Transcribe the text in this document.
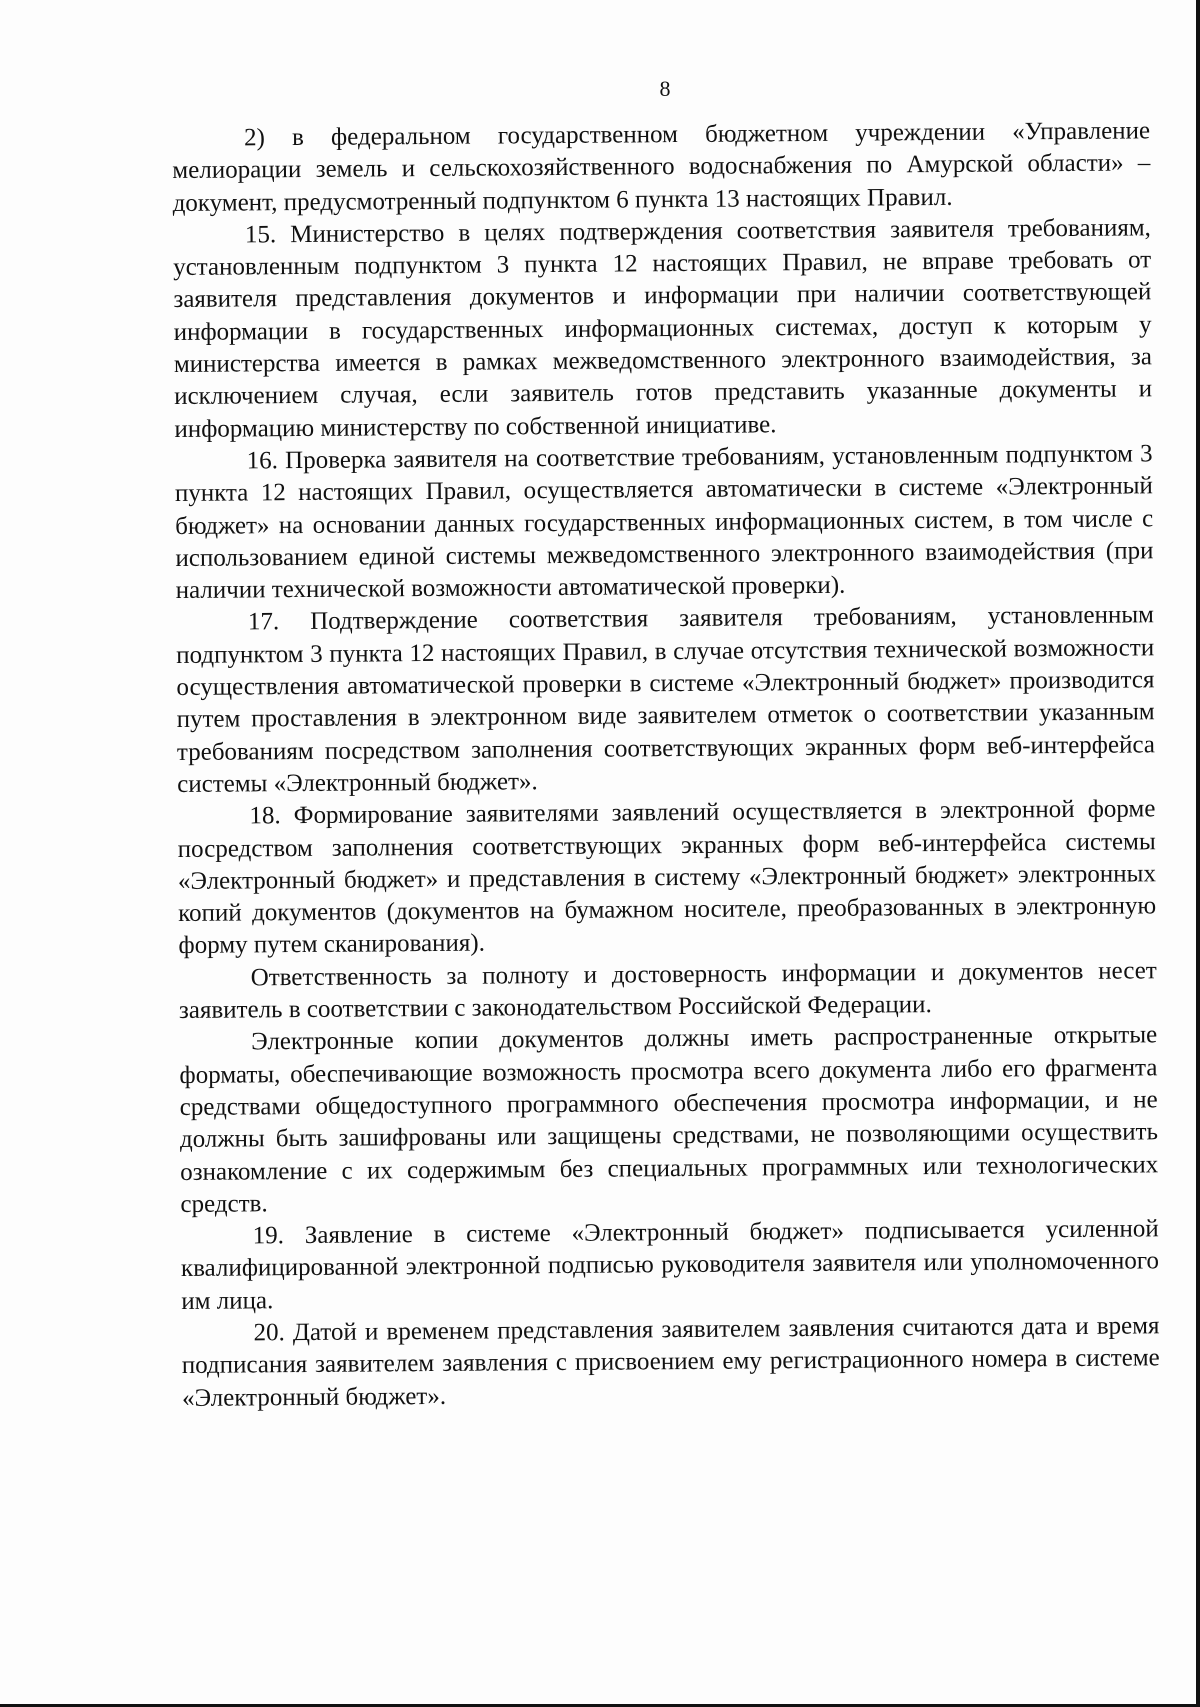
8

2) в федеральном государственном бюджетном учреждении «Управление мелиорации земель и сельскохозяйственного водоснабжения по Амурской области» – документ, предусмотренный подпунктом 6 пункта 13 настоящих Правил.

15. Министерство в целях подтверждения соответствия заявителя требованиям, установленным подпунктом 3 пункта 12 настоящих Правил, не вправе требовать от заявителя представления документов и информации при наличии соответствующей информации в государственных информационных системах, доступ к которым у министерства имеется в рамках межведомственного электронного взаимодействия, за исключением случая, если заявитель готов представить указанные документы и информацию министерству по собственной инициативе.

16. Проверка заявителя на соответствие требованиям, установленным подпунктом 3 пункта 12 настоящих Правил, осуществляется автоматически в системе «Электронный бюджет» на основании данных государственных информационных систем, в том числе с использованием единой системы межведомственного электронного взаимодействия (при наличии технической возможности автоматической проверки).

17. Подтверждение соответствия заявителя требованиям, установленным подпунктом 3 пункта 12 настоящих Правил, в случае отсутствия технической возможности осуществления автоматической проверки в системе «Электронный бюджет» производится путем проставления в электронном виде заявителем отметок о соответствии указанным требованиям посредством заполнения соответствующих экранных форм веб-интерфейса системы «Электронный бюджет».

18. Формирование заявителями заявлений осуществляется в электронной форме посредством заполнения соответствующих экранных форм веб-интерфейса системы «Электронный бюджет» и представления в систему «Электронный бюджет» электронных копий документов (документов на бумажном носителе, преобразованных в электронную форму путем сканирования).

Ответственность за полноту и достоверность информации и документов несет заявитель в соответствии с законодательством Российской Федерации.

Электронные копии документов должны иметь распространенные открытые форматы, обеспечивающие возможность просмотра всего документа либо его фрагмента средствами общедоступного программного обеспечения просмотра информации, и не должны быть зашифрованы или защищены средствами, не позволяющими осуществить ознакомление с их содержимым без специальных программных или технологических средств.

19. Заявление в системе «Электронный бюджет» подписывается усиленной квалифицированной электронной подписью руководителя заявителя или уполномоченного им лица.

20. Датой и временем представления заявителем заявления считаются дата и время подписания заявителем заявления с присвоением ему регистрационного номера в системе «Электронный бюджет».
